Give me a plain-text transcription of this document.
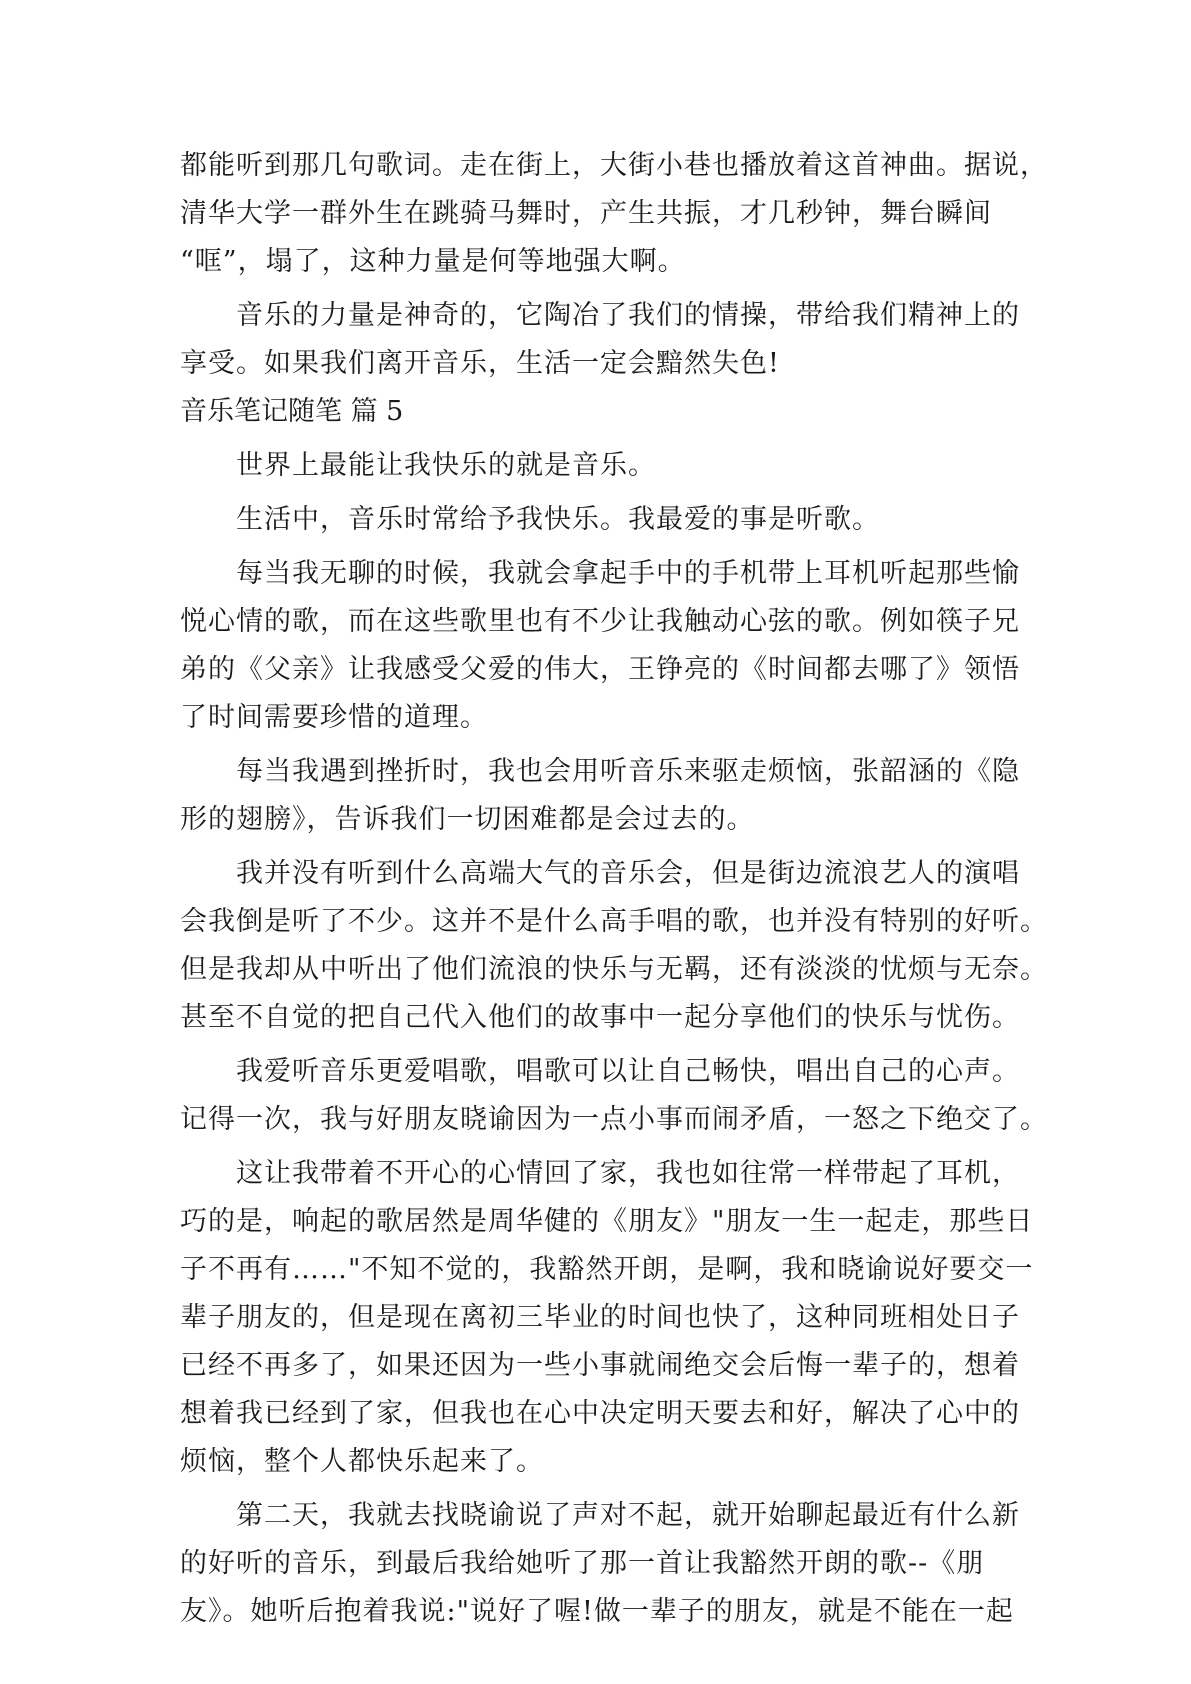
都能听到那几句歌词。走在街上，大街小巷也播放着这首神曲。据说，
清华大学一群外生在跳骑马舞时，产生共振，才几秒钟，舞台瞬间
“哐”，塌了，这种力量是何等地强大啊。
音乐的力量是神奇的，它陶冶了我们的情操，带给我们精神上的
享受。如果我们离开音乐，生活一定会黯然失色!
音乐笔记随笔 篇 5
世界上最能让我快乐的就是音乐。
生活中，音乐时常给予我快乐。我最爱的事是听歌。
每当我无聊的时候，我就会拿起手中的手机带上耳机听起那些愉
悦心情的歌，而在这些歌里也有不少让我触动心弦的歌。例如筷子兄
弟的《父亲》让我感受父爱的伟大，王铮亮的《时间都去哪了》领悟
了时间需要珍惜的道理。
每当我遇到挫折时，我也会用听音乐来驱走烦恼，张韶涵的《隐
形的翅膀》，告诉我们一切困难都是会过去的。
我并没有听到什么高端大气的音乐会，但是街边流浪艺人的演唱
会我倒是听了不少。这并不是什么高手唱的歌，也并没有特别的好听。
但是我却从中听出了他们流浪的快乐与无羁，还有淡淡的忧烦与无奈。
甚至不自觉的把自己代入他们的故事中一起分享他们的快乐与忧伤。
我爱听音乐更爱唱歌，唱歌可以让自己畅快，唱出自己的心声。
记得一次，我与好朋友晓谕因为一点小事而闹矛盾，一怒之下绝交了。
这让我带着不开心的心情回了家，我也如往常一样带起了耳机，
巧的是，响起的歌居然是周华健的《朋友》"朋友一生一起走，那些日
子不再有……"不知不觉的，我豁然开朗，是啊，我和晓谕说好要交一
辈子朋友的，但是现在离初三毕业的时间也快了，这种同班相处日子
已经不再多了，如果还因为一些小事就闹绝交会后悔一辈子的，想着
想着我已经到了家，但我也在心中决定明天要去和好，解决了心中的
烦恼，整个人都快乐起来了。
第二天，我就去找晓谕说了声对不起，就开始聊起最近有什么新
的好听的音乐，到最后我给她听了那一首让我豁然开朗的歌--《朋
友》。她听后抱着我说:"说好了喔!做一辈子的朋友，就是不能在一起
